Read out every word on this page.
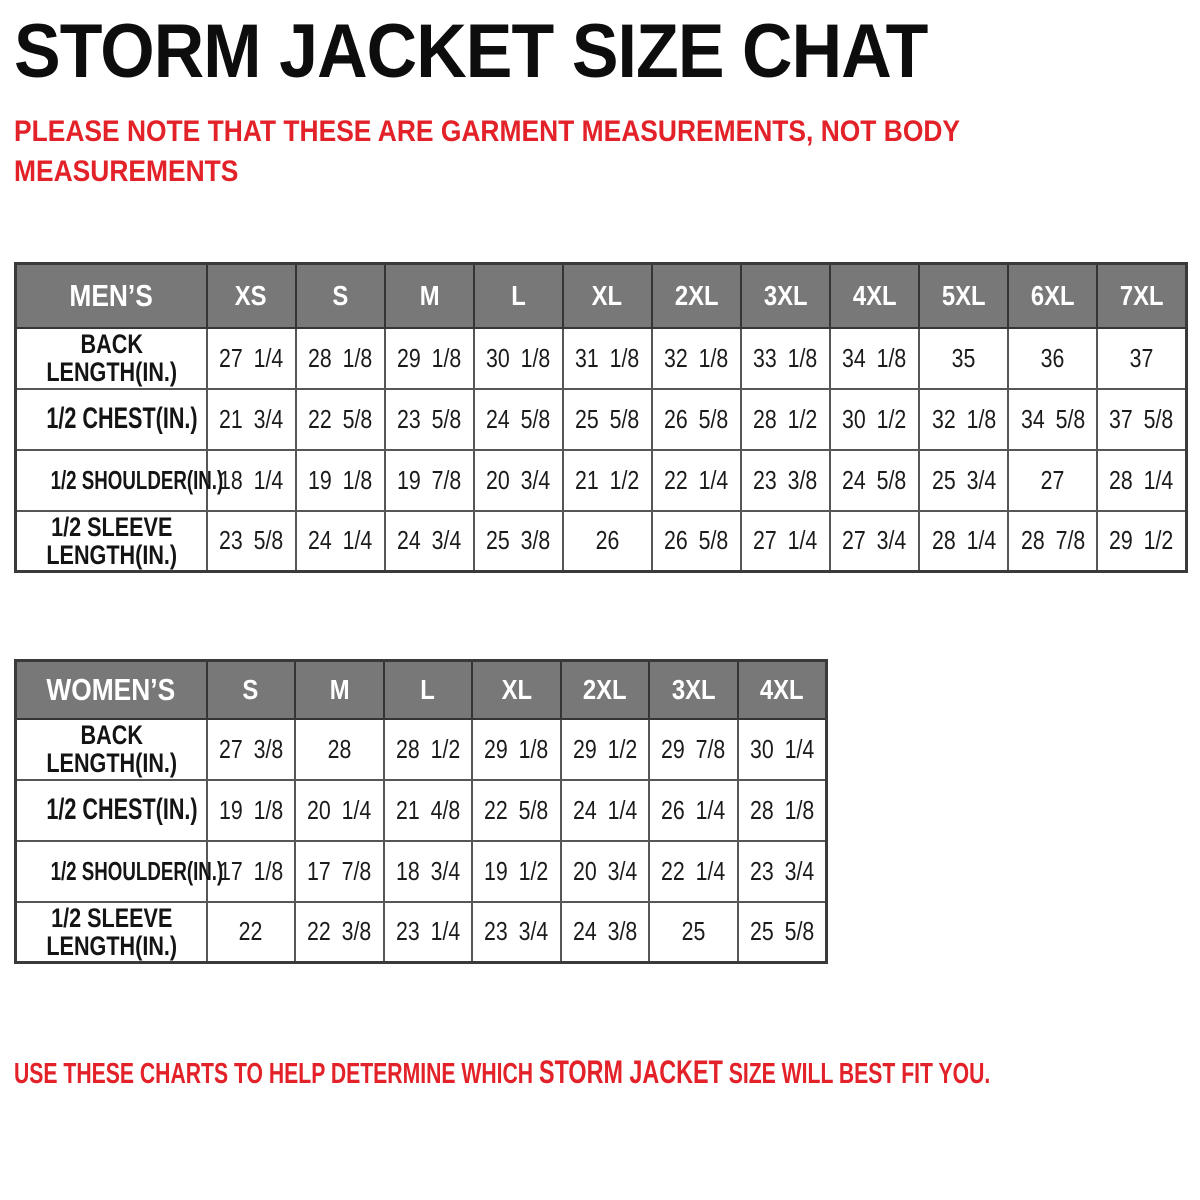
STORM JACKET SIZE CHAT

PLEASE NOTE THAT THESE ARE GARMENT MEASUREMENTS, NOT BODY MEASUREMENTS

MEN’S	XS	S	M	L	XL	2XL	3XL	4XL	5XL	6XL	7XL

BACK
LENGTH(IN.)	27 1/4	28 1/8	29 1/8	30 1/8	31 1/8	32 1/8	33 1/8	34 1/8	35	36	37

1/2 CHEST(IN.)	21 3/4	22 5/8	23 5/8	24 5/8	25 5/8	26 5/8	28 1/2	30 1/2	32 1/8	34 5/8	37 5/8

1/2 SHOULDER(IN.)	18 1/4	19 1/8	19 7/8	20 3/4	21 1/2	22 1/4	23 3/8	24 5/8	25 3/4	27	28 1/4

1/2 SLEEVE
LENGTH(IN.)	23 5/8	24 1/4	24 3/4	25 3/8	26	26 5/8	27 1/4	27 3/4	28 1/4	28 7/8	29 1/2
WOMEN’S	S	M	L	XL	2XL	3XL	4XL

BACK
LENGTH(IN.)	27 3/8	28	28 1/2	29 1/8	29 1/2	29 7/8	30 1/4

1/2 CHEST(IN.)	19 1/8	20 1/4	21 4/8	22 5/8	24 1/4	26 1/4	28 1/8

1/2 SHOULDER(IN.)	17 1/8	17 7/8	18 3/4	19 1/2	20 3/4	22 1/4	23 3/4

1/2 SLEEVE
LENGTH(IN.)	22	22 3/8	23 1/4	23 3/4	24 3/8	25	25 5/8

USE THESE CHARTS TO HELP DETERMINE WHICH STORM JACKET SIZE WILL BEST FIT YOU.
